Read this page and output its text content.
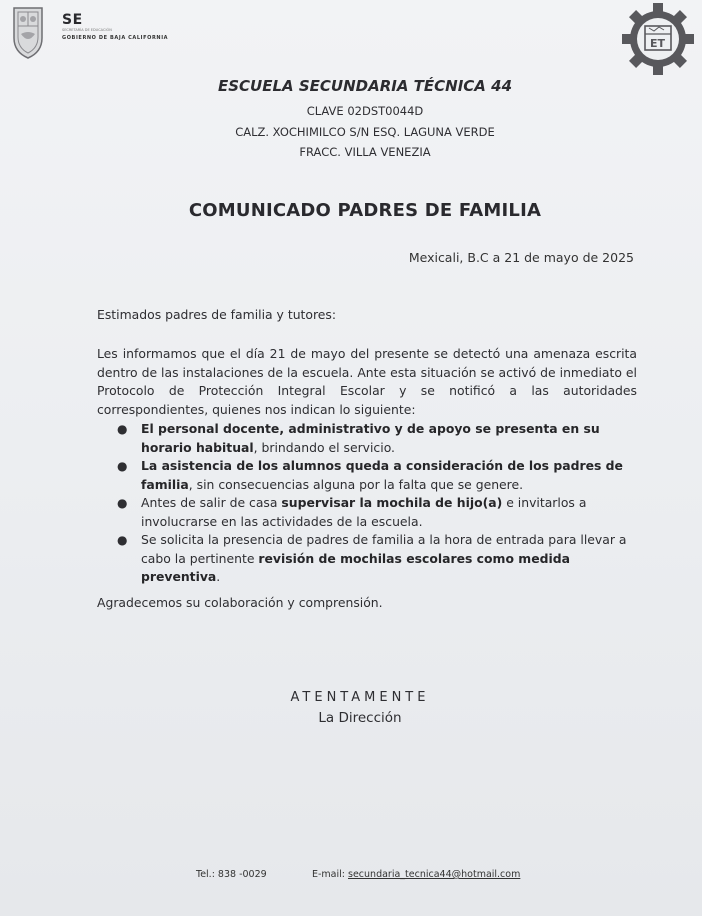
SE
SECRETARÍA DE EDUCACIÓN
GOBIERNO DE BAJA CALIFORNIA	ET
ESCUELA SECUNDARIA TÉCNICA 44
CLAVE 02DST0044D
CALZ. XOCHIMILCO S/N ESQ. LAGUNA VERDE
FRACC. VILLA VENEZIA
COMUNICADO PADRES DE FAMILIA
Mexicali, B.C a 21 de mayo de 2025
Estimados padres de familia y tutores:
Les informamos que el día 21 de mayo del presente se detectó una amenaza escrita dentro de las instalaciones de la escuela. Ante esta situación se activó de inmediato el Protocolo de Protección Integral Escolar y se notificó a las autoridades correspondientes, quienes nos indican lo siguiente:
● El personal docente, administrativo y de apoyo se presenta en su horario habitual, brindando el servicio.
● La asistencia de los alumnos queda a consideración de los padres de familia, sin consecuencias alguna por la falta que se genere.
● Antes de salir de casa supervisar la mochila de hijo(a) e invitarlos a involucrarse en las actividades de la escuela.
● Se solicita la presencia de padres de familia a la hora de entrada para llevar a cabo la pertinente revisión de mochilas escolares como medida preventiva.
Agradecemos su colaboración y comprensión.
ATENTAMENTE
La Dirección
Tel.: 838 -0029	E-mail: secundaria_tecnica44@hotmail.com
